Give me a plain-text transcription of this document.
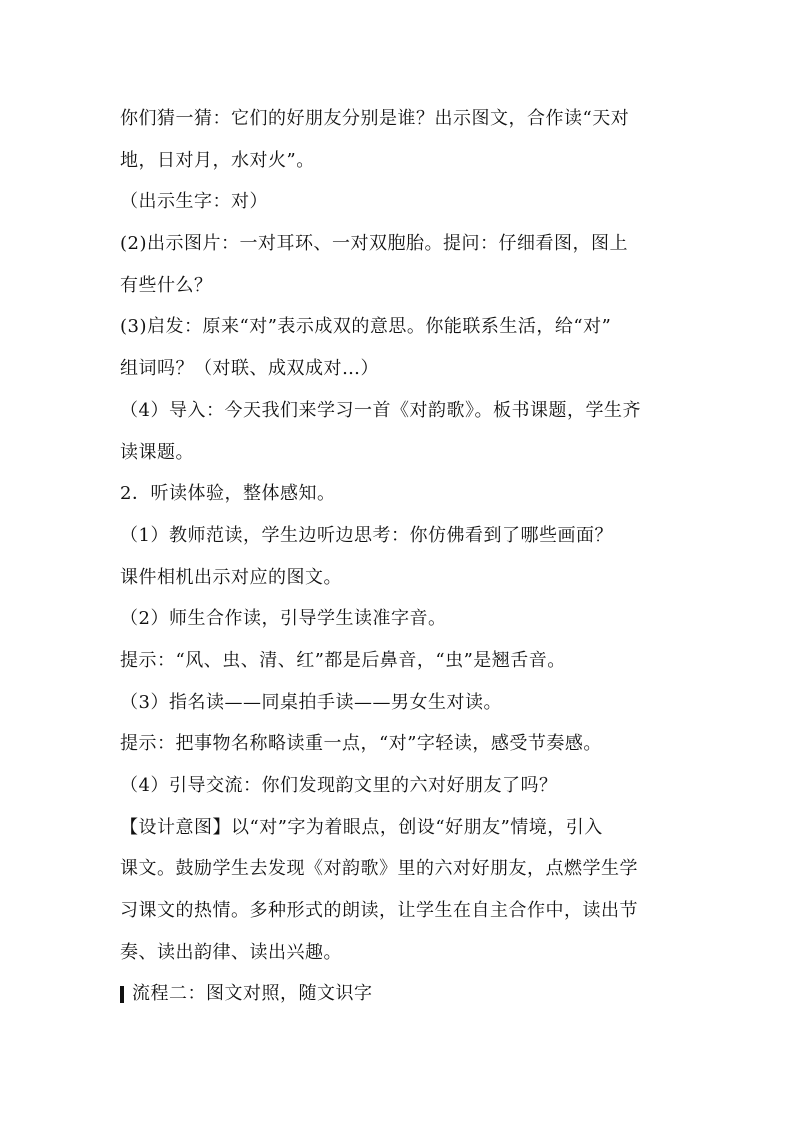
你们猜一猜：它们的好朋友分别是谁？出示图文，合作读“天对
地，日对月，水对火”。
（出示生字：对）
(2)出示图片：一对耳环、一对双胞胎。提问：仔细看图，图上
有些什么？
(3)启发：原来“对”表示成双的意思。你能联系生活，给“对”
组词吗？（对联、成双成对…）
（4）导入：今天我们来学习一首《对韵歌》。板书课题，学生齐
读课题。
2．听读体验，整体感知。
（1）教师范读，学生边听边思考：你仿佛看到了哪些画面？
课件相机出示对应的图文。
（2）师生合作读，引导学生读准字音。
提示：“风、虫、清、红”都是后鼻音，“虫”是翘舌音。
（3）指名读——同桌拍手读——男女生对读。
提示：把事物名称略读重一点，“对”字轻读，感受节奏感。
（4）引导交流：你们发现韵文里的六对好朋友了吗？
【设计意图】以“对”字为着眼点，创设“好朋友”情境，引入
课文。鼓励学生去发现《对韵歌》里的六对好朋友，点燃学生学
习课文的热情。多种形式的朗读，让学生在自主合作中，读出节
奏、读出韵律、读出兴趣。
流程二：图文对照，随文识字
